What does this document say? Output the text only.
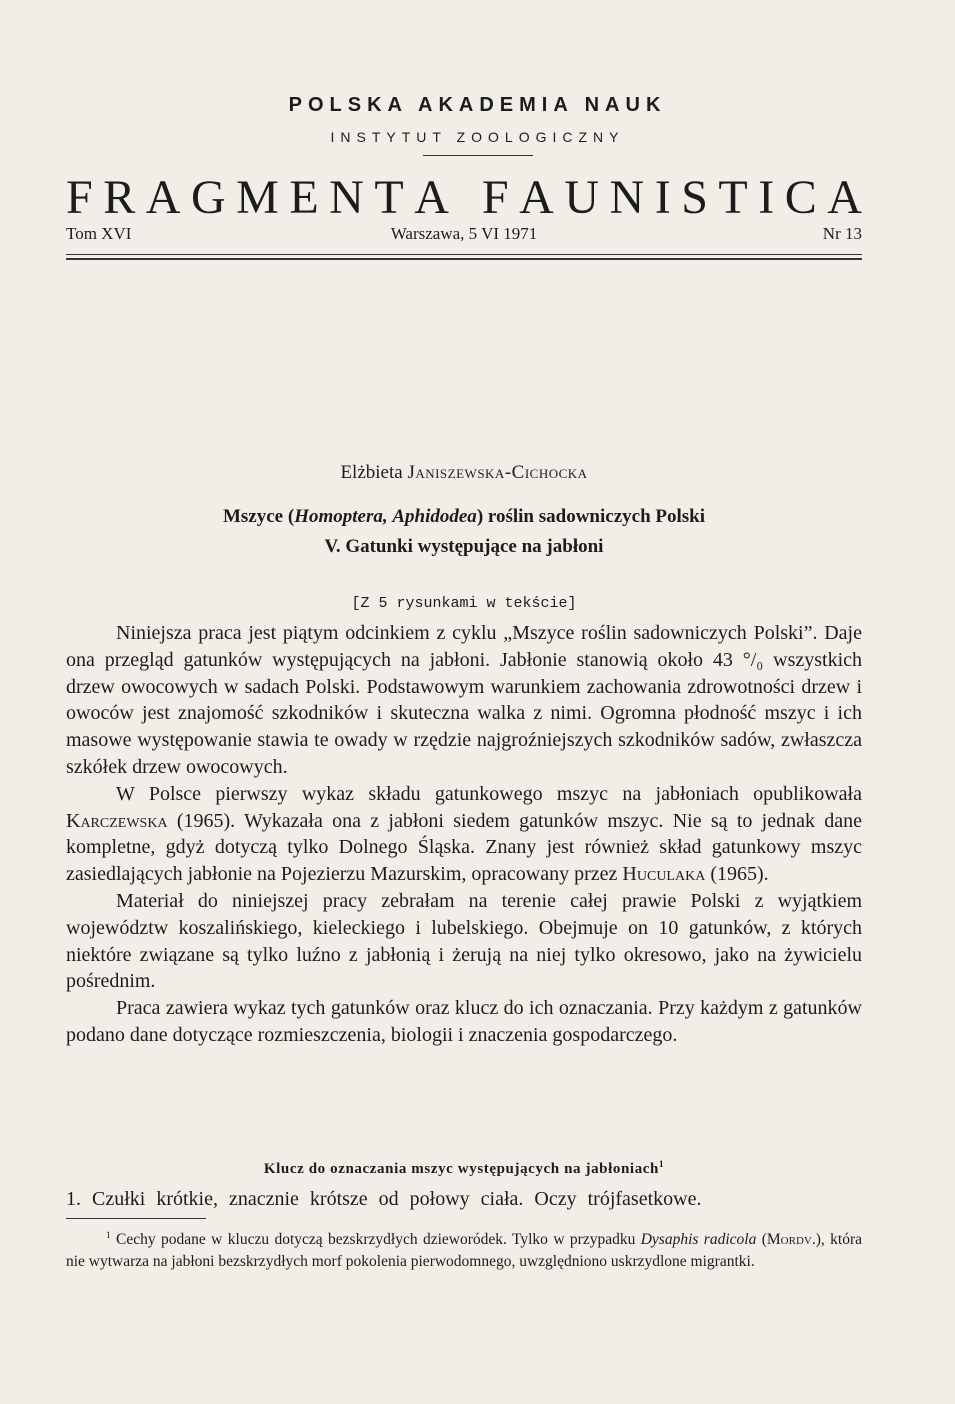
POLSKA AKADEMIA NAUK
INSTYTUT ZOOLOGICZNY
F R A G M E N T A
F A U N I S T I C A
Tom XVI	Warszawa, 5 VI 1971	Nr 13
Elżbieta Janiszewska-Cichocka
Mszyce (Homoptera, Aphidodea) roślin sadowniczych Polski
V. Gatunki występujące na jabłoni
[Z 5 rysunkami w tekście]

Niniejsza praca jest piątym odcinkiem z cyklu „Mszyce roślin sadowniczych Polski”. Daje ona przegląd gatunków występujących na jabłoni. Jabłonie stanowią około 43 °/₀ wszystkich drzew owocowych w sadach Polski. Podstawowym warunkiem zachowania zdrowotności drzew i owoców jest znajomość szkodników i skuteczna walka z nimi. Ogromna płodność mszyc i ich masowe występowanie stawia te owady w rzędzie najgroźniejszych szkodników sadów, zwłaszcza szkółek drzew owocowych.

W Polsce pierwszy wykaz składu gatunkowego mszyc na jabłoniach opublikowała Karczewska (1965). Wykazała ona z jabłoni siedem gatunków mszyc. Nie są to jednak dane kompletne, gdyż dotyczą tylko Dolnego Śląska. Znany jest również skład gatunkowy mszyc zasiedlających jabłonie na Pojezierzu Mazurskim, opracowany przez Huculaka (1965).

Materiał do niniejszej pracy zebrałam na terenie całej prawie Polski z wyjątkiem województw koszalińskiego, kieleckiego i lubelskiego. Obejmuje on 10 gatunków, z których niektóre związane są tylko luźno z jabłonią i żerują na niej tylko okresowo, jako na żywicielu pośrednim.

Praca zawiera wykaz tych gatunków oraz klucz do ich oznaczania. Przy każdym z gatunków podano dane dotyczące rozmieszczenia, biologii i znaczenia gospodarczego.

Klucz do oznaczania mszyc występujących na jabłoniach$^1$
1. Czułki krótkie, znacznie krótsze od połowy ciała. Oczy trójfasetkowe.

$^1$ Cechy podane w kluczu dotyczą bezskrzydłych dzieworódek. Tylko w przypadku Dysaphis radicola (Mordv.), która nie wytwarza na jabłoni bezskrzydłych morf pokolenia pierwodomnego, uwzględniono uskrzydlone migrantki.
